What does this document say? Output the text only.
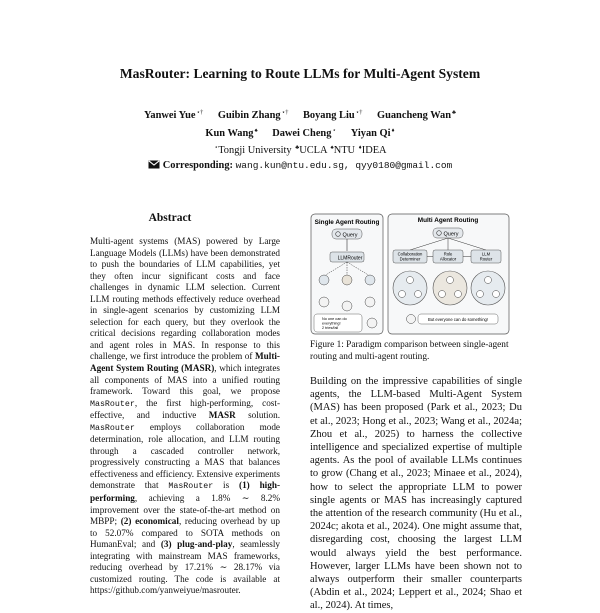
MasRouter: Learning to Route LLMs for Multi-Agent System
Yanwei Yue⋆† Guibin Zhang⋆† Boyang Liu⋆† Guancheng Wan♣
Kun Wang♠ Dawei Cheng⋆ Yiyan Qi♦
⋆Tongji University ♣UCLA ♠NTU ♦IDEA
Corresponding: wang.kun@ntu.edu.sg, qyy0180@gmail.com
Abstract

Multi-agent systems (MAS) powered by Large Language Models (LLMs) have been demonstrated to push the boundaries of LLM capabilities, yet they often incur significant costs and face challenges in dynamic LLM selection. Current LLM routing methods effectively reduce overhead in single-agent scenarios by customizing LLM selection for each query, but they overlook the critical decisions regarding collaboration modes and agent roles in MAS. In response to this challenge, we first introduce the problem of Multi-Agent System Routing (MASR), which integrates all components of MAS into a unified routing framework. Toward this goal, we propose MasRouter, the first high-performing, cost-effective, and inductive MASR solution. MasRouter employs collaboration mode determination, role allocation, and LLM routing through a cascaded controller network, progressively constructing a MAS that balances effectiveness and efficiency. Extensive experiments demonstrate that MasRouter is (1) high-performing, achieving a 1.8% ∼ 8.2% improvement over the state-of-the-art method on MBPP; (2) economical, reducing overhead by up to 52.07% compared to SOTA methods on HumanEval; and (3) plug-and-play, seamlessly integrating with mainstream MAS frameworks, reducing overhead by 17.21% ∼ 28.17% via customized routing. The code is available at https://github.com/yanweiyue/masrouter.

Single Agent Routing
Query
LLMRouter
No one can do
everything!
2 tries/fail
Multi Agent Routing
Query
Collaboration
Determiner
Role
Allocator
LLM
Router
But everyone can do something!

Figure 1: Paradigm comparison between single-agent routing and multi-agent routing.

Building on the impressive capabilities of single agents, the LLM-based Multi-Agent System (MAS) has been proposed (Park et al., 2023; Du et al., 2023; Hong et al., 2023; Wang et al., 2024a; Zhou et al., 2025) to harness the collective intelligence and specialized expertise of multiple agents. As the pool of available LLMs continues to grow (Chang et al., 2023; Minaee et al., 2024), how to select the appropriate LLM to power single agents or MAS has increasingly captured the attention of the research community (Hu et al., 2024c; akota et al., 2024). One might assume that, disregarding cost, choosing the largest LLM would always yield the best performance. However, larger LLMs have been shown not to always outperform their smaller counterparts (Abdin et al., 2024; Leppert et al., 2024; Shao et al., 2024). At times,
